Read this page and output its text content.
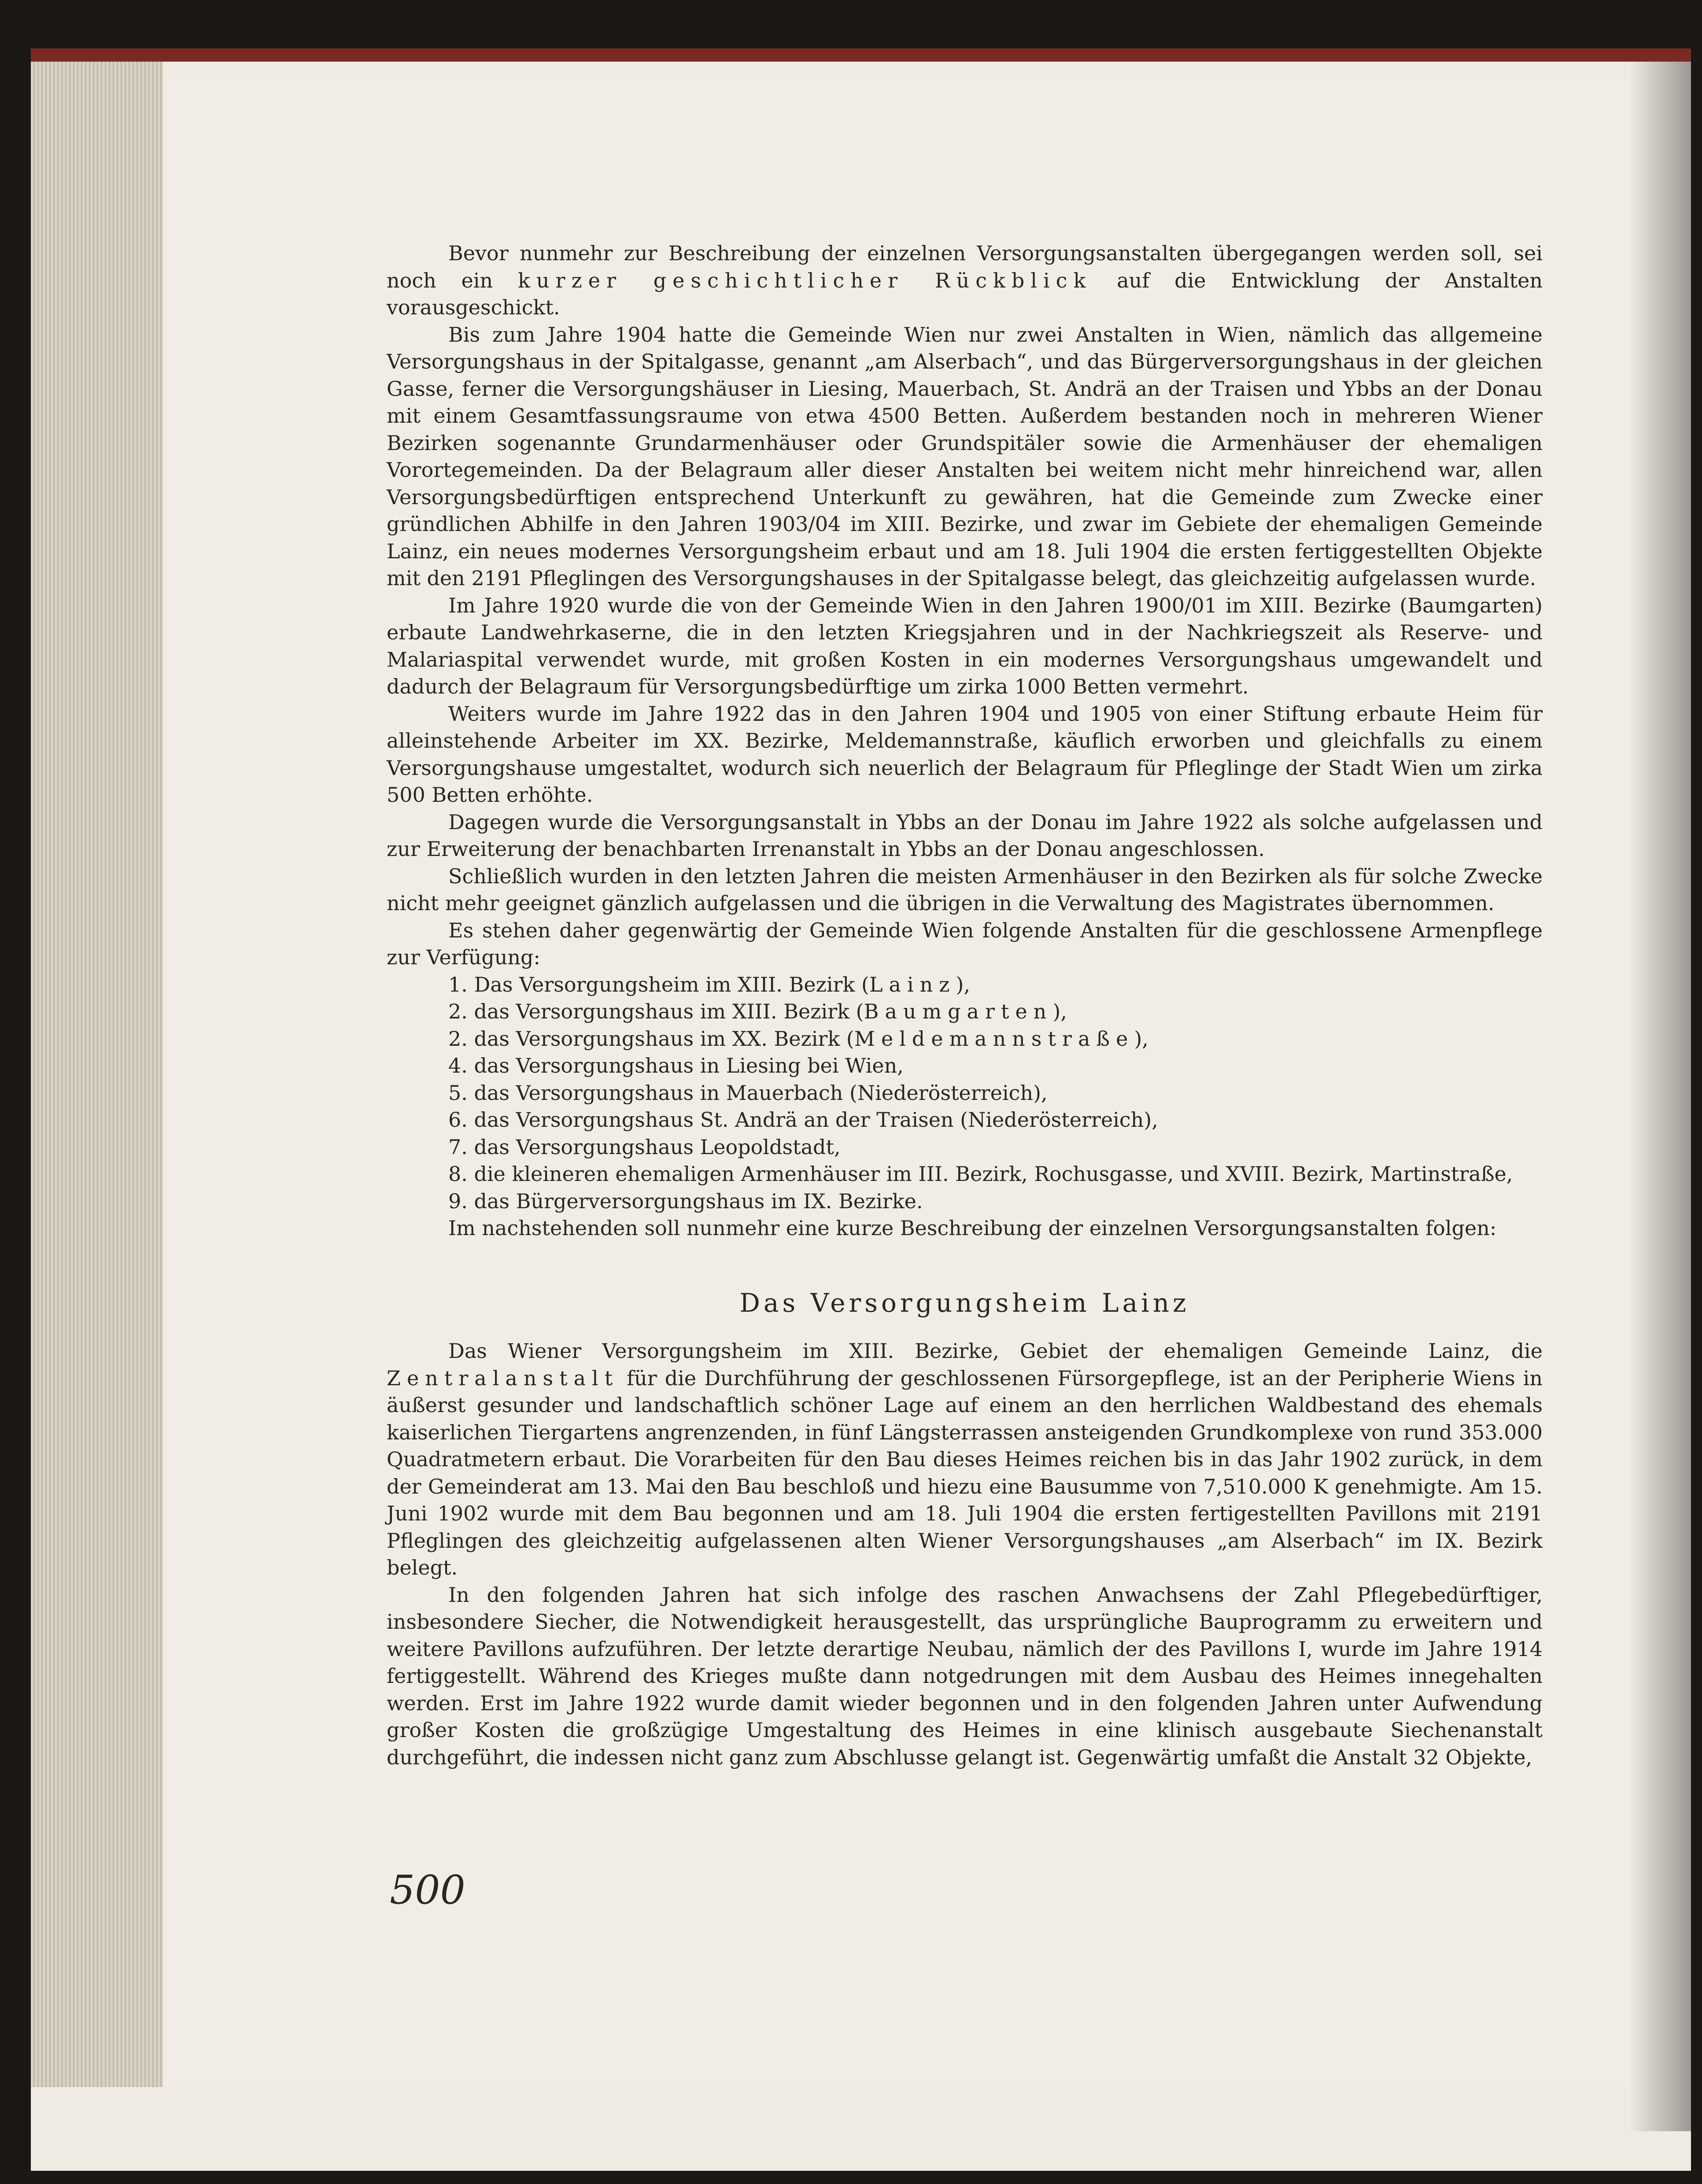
Bevor nunmehr zur Beschreibung der einzelnen Versorgungsanstalten übergegangen werden soll, sei noch ein kurzer geschichtlicher Rückblick auf die Entwicklung der Anstalten vorausgeschickt.

Bis zum Jahre 1904 hatte die Gemeinde Wien nur zwei Anstalten in Wien, nämlich das allgemeine Versorgungshaus in der Spitalgasse, genannt „am Alserbach“, und das Bürgerversorgungshaus in der gleichen Gasse, ferner die Versorgungshäuser in Liesing, Mauerbach, St. Andrä an der Traisen und Ybbs an der Donau mit einem Gesamtfassungsraume von etwa 4500 Betten. Außerdem bestanden noch in mehreren Wiener Bezirken sogenannte Grundarmenhäuser oder Grundspitäler sowie die Armenhäuser der ehemaligen Vorortegemeinden. Da der Belagraum aller dieser Anstalten bei weitem nicht mehr hinreichend war, allen Versorgungsbedürftigen entsprechend Unterkunft zu gewähren, hat die Gemeinde zum Zwecke einer gründlichen Abhilfe in den Jahren 1903/04 im XIII. Bezirke, und zwar im Gebiete der ehemaligen Gemeinde Lainz, ein neues modernes Versorgungsheim erbaut und am 18. Juli 1904 die ersten fertiggestellten Objekte mit den 2191 Pfleglingen des Versorgungshauses in der Spitalgasse belegt, das gleichzeitig aufgelassen wurde.

Im Jahre 1920 wurde die von der Gemeinde Wien in den Jahren 1900/01 im XIII. Bezirke (Baumgarten) erbaute Landwehrkaserne, die in den letzten Kriegsjahren und in der Nachkriegszeit als Reserve- und Malariaspital verwendet wurde, mit großen Kosten in ein modernes Versorgungshaus umgewandelt und dadurch der Belagraum für Versorgungsbedürftige um zirka 1000 Betten vermehrt.

Weiters wurde im Jahre 1922 das in den Jahren 1904 und 1905 von einer Stiftung erbaute Heim für alleinstehende Arbeiter im XX. Bezirke, Meldemannstraße, käuflich erworben und gleichfalls zu einem Versorgungshause umgestaltet, wodurch sich neuerlich der Belagraum für Pfleglinge der Stadt Wien um zirka 500 Betten erhöhte.

Dagegen wurde die Versorgungsanstalt in Ybbs an der Donau im Jahre 1922 als solche aufgelassen und zur Erweiterung der benachbarten Irrenanstalt in Ybbs an der Donau angeschlossen.

Schließlich wurden in den letzten Jahren die meisten Armenhäuser in den Bezirken als für solche Zwecke nicht mehr geeignet gänzlich aufgelassen und die übrigen in die Verwaltung des Magistrates übernommen.

Es stehen daher gegenwärtig der Gemeinde Wien folgende Anstalten für die geschlossene Armenpflege zur Verfügung:

1. Das Versorgungsheim im XIII. Bezirk (Lainz),
2. das Versorgungshaus im XIII. Bezirk (Baumgarten),
2. das Versorgungshaus im XX. Bezirk (Meldemannstraße),
4. das Versorgungshaus in Liesing bei Wien,
5. das Versorgungshaus in Mauerbach (Niederösterreich),
6. das Versorgungshaus St. Andrä an der Traisen (Niederösterreich),
7. das Versorgungshaus Leopoldstadt,
8. die kleineren ehemaligen Armenhäuser im III. Bezirk, Rochusgasse, und XVIII. Bezirk, Martinstraße,
9. das Bürgerversorgungshaus im IX. Bezirke.

Im nachstehenden soll nunmehr eine kurze Beschreibung der einzelnen Versorgungsanstalten folgen:

Das Versorgungsheim Lainz

Das Wiener Versorgungsheim im XIII. Bezirke, Gebiet der ehemaligen Gemeinde Lainz, die Zentralanstalt für die Durchführung der geschlossenen Fürsorgepflege, ist an der Peripherie Wiens in äußerst gesunder und landschaftlich schöner Lage auf einem an den herrlichen Waldbestand des ehemals kaiserlichen Tiergartens angrenzenden, in fünf Längsterrassen ansteigenden Grundkomplexe von rund 353.000 Quadratmetern erbaut. Die Vorarbeiten für den Bau dieses Heimes reichen bis in das Jahr 1902 zurück, in dem der Gemeinderat am 13. Mai den Bau beschloß und hiezu eine Bausumme von 7,510.000 K genehmigte. Am 15. Juni 1902 wurde mit dem Bau begonnen und am 18. Juli 1904 die ersten fertigestellten Pavillons mit 2191 Pfleglingen des gleichzeitig aufgelassenen alten Wiener Versorgungshauses „am Alserbach“ im IX. Bezirk belegt.

In den folgenden Jahren hat sich infolge des raschen Anwachsens der Zahl Pflegebedürftiger, insbesondere Siecher, die Notwendigkeit herausgestellt, das ursprüngliche Bauprogramm zu erweitern und weitere Pavillons aufzuführen. Der letzte derartige Neubau, nämlich der des Pavillons I, wurde im Jahre 1914 fertiggestellt. Während des Krieges mußte dann notgedrungen mit dem Ausbau des Heimes innegehalten werden. Erst im Jahre 1922 wurde damit wieder begonnen und in den folgenden Jahren unter Aufwendung großer Kosten die großzügige Umgestaltung des Heimes in eine klinisch ausgebaute Siechenanstalt durchgeführt, die indessen nicht ganz zum Abschlusse gelangt ist. Gegenwärtig umfaßt die Anstalt 32 Objekte,

500
